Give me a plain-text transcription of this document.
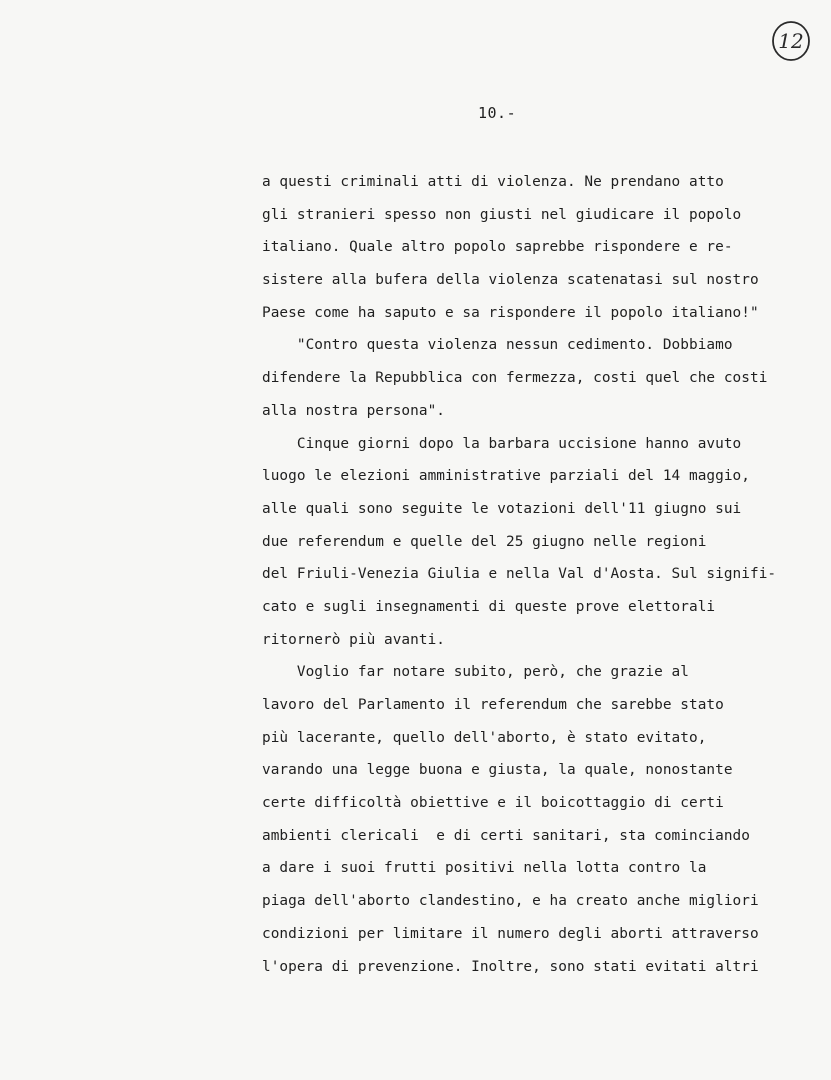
12
10.-
a questi criminali atti di violenza. Ne prendano atto
gli stranieri spesso non giusti nel giudicare il popolo
italiano. Quale altro popolo saprebbe rispondere e re-
sistere alla bufera della violenza scatenatasi sul nostro
Paese come ha saputo e sa rispondere il popolo italiano!"
"Contro questa violenza nessun cedimento. Dobbiamo
difendere la Repubblica con fermezza, costi quel che costi
alla nostra persona".
Cinque giorni dopo la barbara uccisione hanno avuto
luogo le elezioni amministrative parziali del 14 maggio,
alle quali sono seguite le votazioni dell'11 giugno sui
due referendum e quelle del 25 giugno nelle regioni
del Friuli-Venezia Giulia e nella Val d'Aosta. Sul signifi-
cato e sugli insegnamenti di queste prove elettorali
ritornerò più avanti.
Voglio far notare subito, però, che grazie al
lavoro del Parlamento il referendum che sarebbe stato
più lacerante, quello dell'aborto, è stato evitato,
varando una legge buona e giusta, la quale, nonostante
certe difficoltà obiettive e il boicottaggio di certi
ambienti clericali  e di certi sanitari, sta cominciando
a dare i suoi frutti positivi nella lotta contro la
piaga dell'aborto clandestino, e ha creato anche migliori
condizioni per limitare il numero degli aborti attraverso
l'opera di prevenzione. Inoltre, sono stati evitati altri
